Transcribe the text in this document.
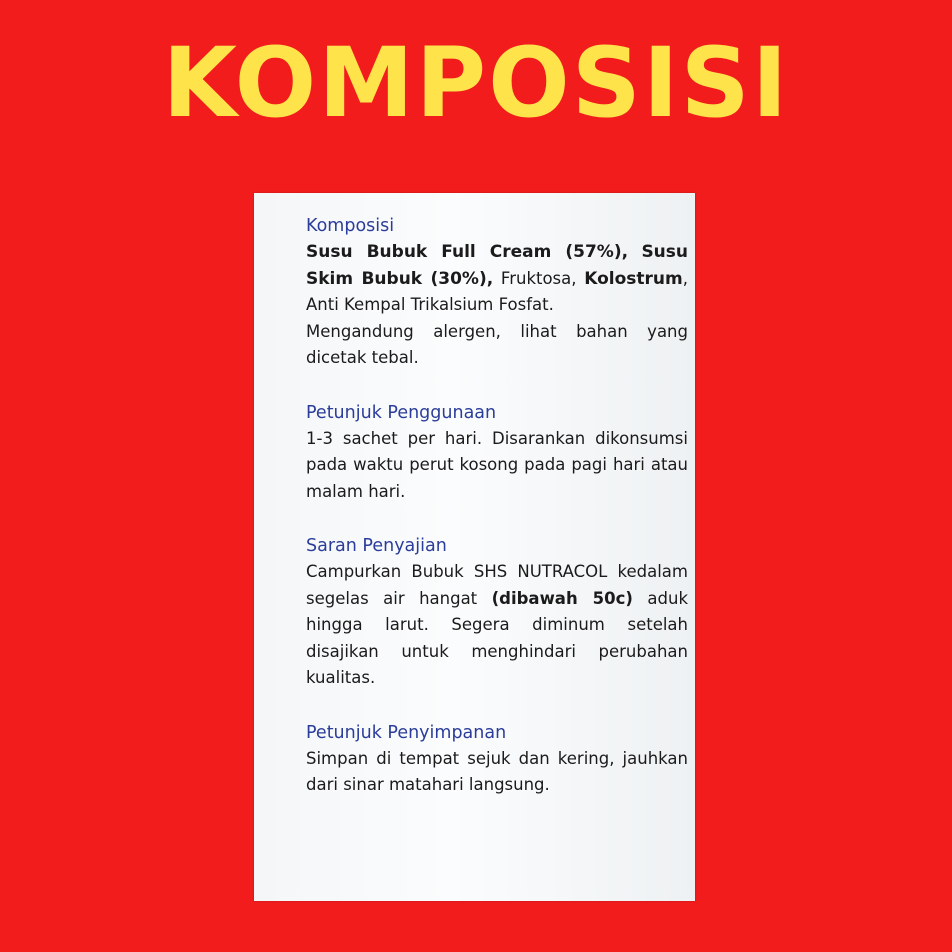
KOMPOSISI

Komposisi

Susu Bubuk Full Cream (57%), Susu Skim Bubuk (30%), Fruktosa, Kolostrum, Anti Kempal Trikalsium Fosfat.

Mengandung alergen, lihat bahan yang dicetak tebal.

Petunjuk Penggunaan

1-3 sachet per hari. Disarankan dikonsumsi pada waktu perut kosong pada pagi hari atau malam hari.

Saran Penyajian

Campurkan Bubuk SHS NUTRACOL kedalam segelas air hangat (dibawah 50c) aduk hingga larut. Segera diminum setelah disajikan untuk menghindari perubahan kualitas.

Petunjuk Penyimpanan

Simpan di tempat sejuk dan kering, jauhkan dari sinar matahari langsung.
